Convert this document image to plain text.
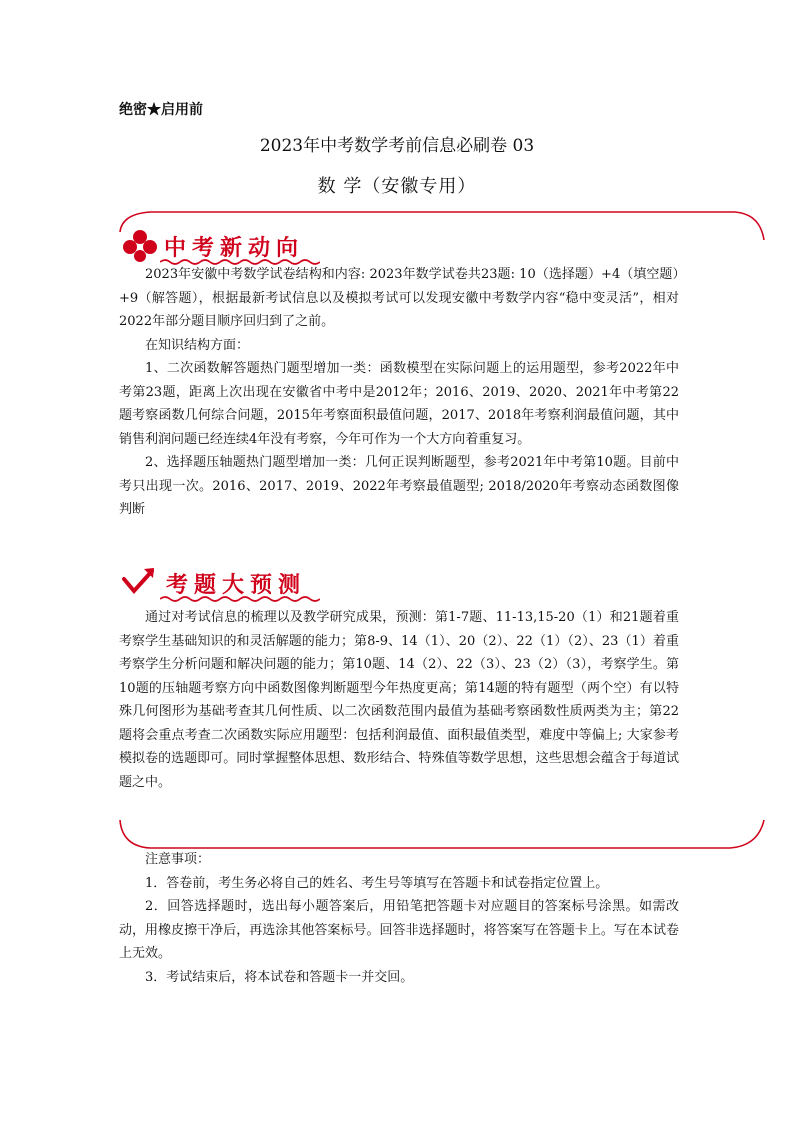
绝密★启用前
2023年中考数学考前信息必刷卷 03
数 学（安徽专用）
中考新动向

2023年安徽中考数学试卷结构和内容: 2023年数学试卷共23题: 10（选择题）+4（填空题）+9（解答题），根据最新考试信息以及模拟考试可以发现安徽中考数学内容“稳中变灵活”，相对2022年部分题目顺序回归到了之前。

在知识结构方面：

1、二次函数解答题热门题型增加一类：函数模型在实际问题上的运用题型，参考2022年中考第23题，距离上次出现在安徽省中考中是2012年；2016、2019、2020、2021年中考第22题考察函数几何综合问题，2015年考察面积最值问题，2017、2018年考察利润最值问题，其中销售利润问题已经连续4年没有考察，今年可作为一个大方向着重复习。

2、选择题压轴题热门题型增加一类：几何正误判断题型，参考2021年中考第10题。目前中考只出现一次。2016、2017、2019、2022年考察最值题型; 2018/2020年考察动态函数图像判断

考题大预测

通过对考试信息的梳理以及教学研究成果，预测：第1-7题、11-13,15-20（1）和21题着重考察学生基础知识的和灵活解题的能力；第8-9、14（1）、20（2）、22（1）（2）、23（1）着重考察学生分析问题和解决问题的能力；第10题、14（2）、22（3）、23（2）（3），考察学生。第10题的压轴题考察方向中函数图像判断题型今年热度更高；第14题的特有题型（两个空）有以特殊几何图形为基础考查其几何性质、以二次函数范围内最值为基础考察函数性质两类为主；第22题将会重点考查二次函数实际应用题型：包括利润最值、面积最值类型，难度中等偏上; 大家参考模拟卷的选题即可。同时掌握整体思想、数形结合、特殊值等数学思想，这些思想会蕴含于每道试题之中。

注意事项：

1．答卷前，考生务必将自己的姓名、考生号等填写在答题卡和试卷指定位置上。

2．回答选择题时，选出每小题答案后，用铅笔把答题卡对应题目的答案标号涂黑。如需改动，用橡皮擦干净后，再选涂其他答案标号。回答非选择题时，将答案写在答题卡上。写在本试卷上无效。

3．考试结束后，将本试卷和答题卡一并交回。
